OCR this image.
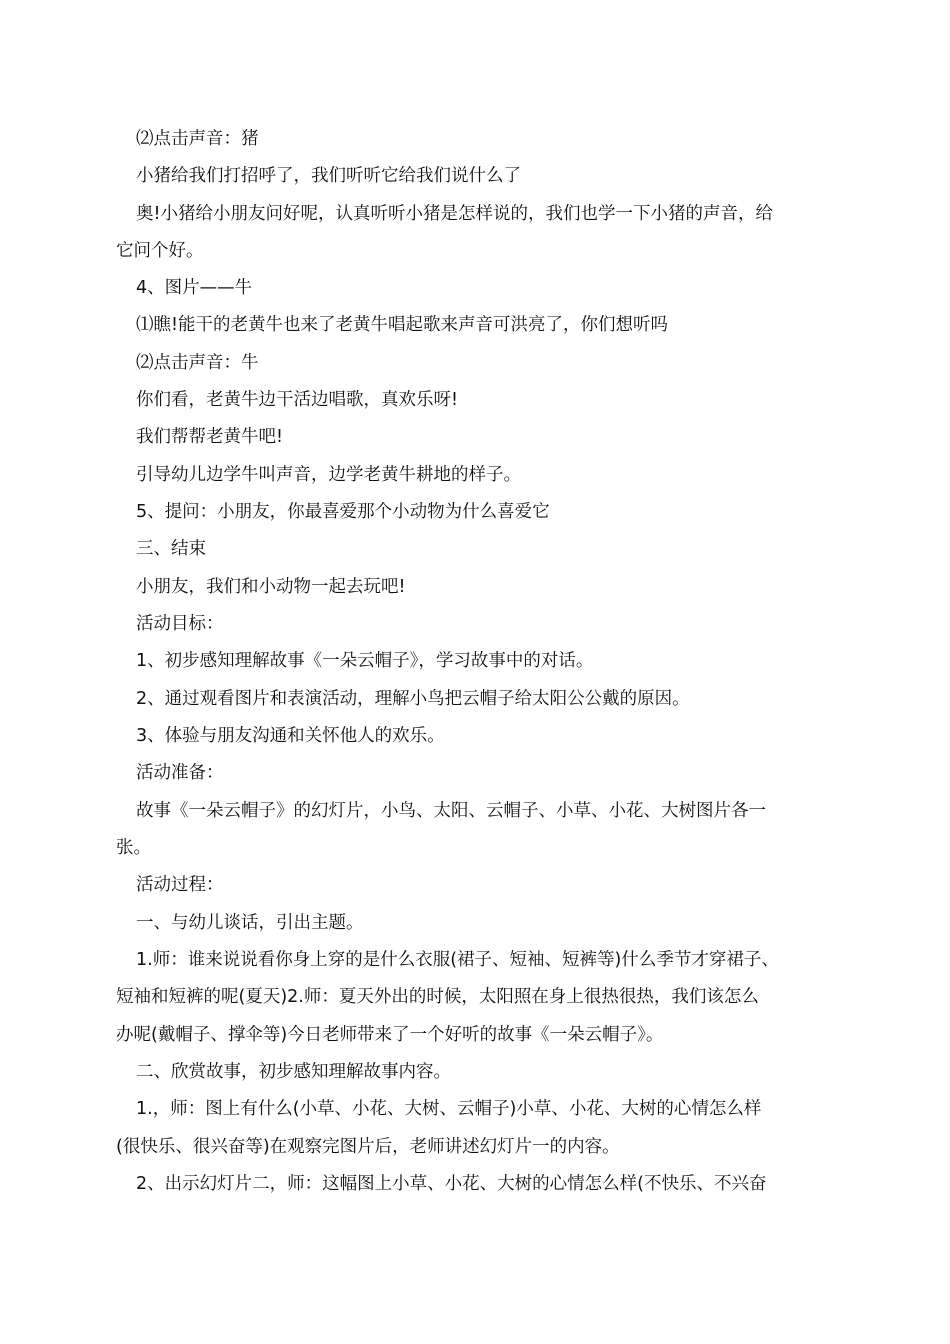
⑵点击声音：猪
小猪给我们打招呼了，我们听听它给我们说什么了
奥!小猪给小朋友问好呢，认真听听小猪是怎样说的，我们也学一下小猪的声音，给
它问个好。
4、图片——牛
⑴瞧!能干的老黄牛也来了老黄牛唱起歌来声音可洪亮了，你们想听吗
⑵点击声音：牛
你们看，老黄牛边干活边唱歌，真欢乐呀!
我们帮帮老黄牛吧!
引导幼儿边学牛叫声音，边学老黄牛耕地的样子。
5、提问：小朋友，你最喜爱那个小动物为什么喜爱它
三、结束
小朋友，我们和小动物一起去玩吧!
活动目标：
1、初步感知理解故事《一朵云帽子》，学习故事中的对话。
2、通过观看图片和表演活动，理解小鸟把云帽子给太阳公公戴的原因。
3、体验与朋友沟通和关怀他人的欢乐。
活动准备：
故事《一朵云帽子》的幻灯片，小鸟、太阳、云帽子、小草、小花、大树图片各一
张。
活动过程：
一、与幼儿谈话，引出主题。
1.师：谁来说说看你身上穿的是什么衣服(裙子、短袖、短裤等)什么季节才穿裙子、
短袖和短裤的呢(夏天)2.师：夏天外出的时候，太阳照在身上很热很热，我们该怎么
办呢(戴帽子、撑伞等)今日老师带来了一个好听的故事《一朵云帽子》。
二、欣赏故事，初步感知理解故事内容。
1.，师：图上有什么(小草、小花、大树、云帽子)小草、小花、大树的心情怎么样
(很快乐、很兴奋等)在观察完图片后，老师讲述幻灯片一的内容。
2、出示幻灯片二，师：这幅图上小草、小花、大树的心情怎么样(不快乐、不兴奋
